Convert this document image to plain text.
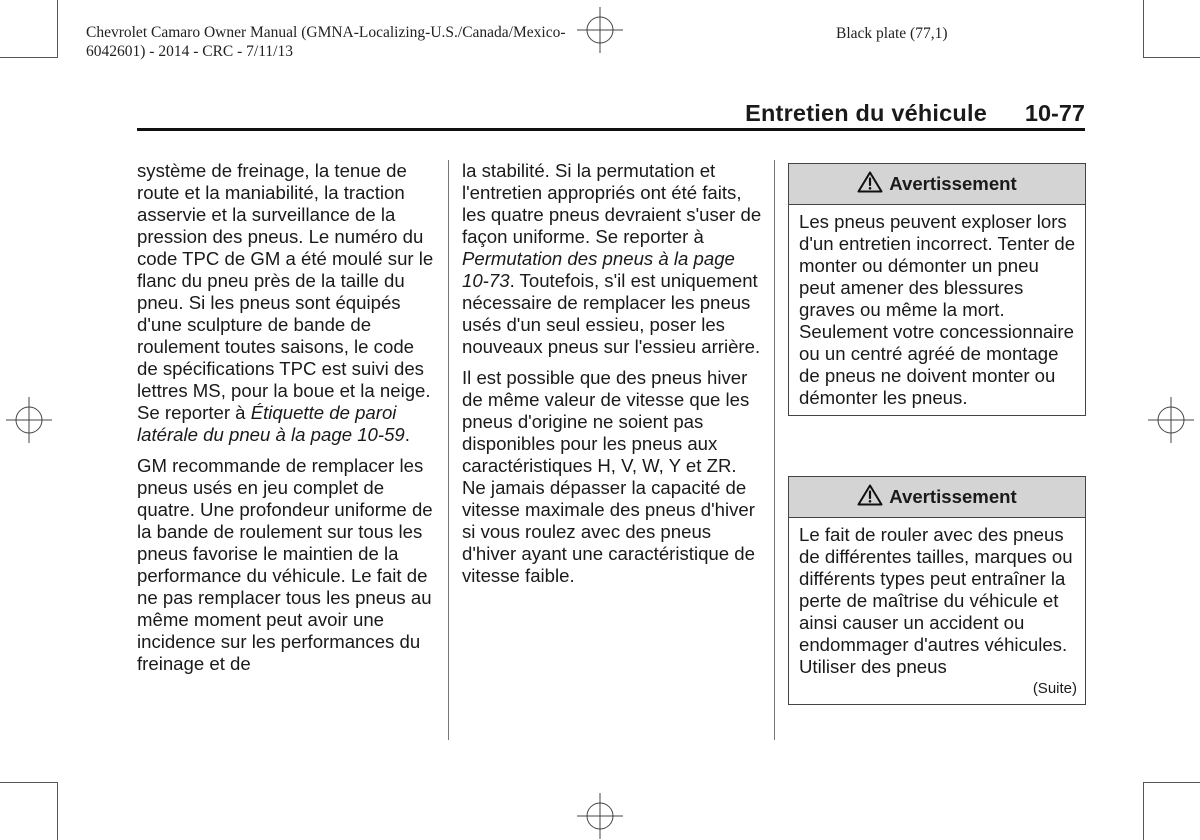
Chevrolet Camaro Owner Manual (GMNA-Localizing-U.S./Canada/Mexico-
6042601) - 2014 - CRC - 7/11/13
Black plate (77,1)
Entretien du véhicule 10-77

système de freinage, la tenue de route et la maniabilité, la traction asservie et la surveillance de la pression des pneus. Le numéro du code TPC de GM a été moulé sur le flanc du pneu près de la taille du pneu. Si les pneus sont équipés d'une sculpture de bande de roulement toutes saisons, le code de spécifications TPC est suivi des lettres MS, pour la boue et la neige. Se reporter à Étiquette de paroi latérale du pneu à la page 10-59.

GM recommande de remplacer les pneus usés en jeu complet de quatre. Une profondeur uniforme de la bande de roulement sur tous les pneus favorise le maintien de la performance du véhicule. Le fait de ne pas remplacer tous les pneus au même moment peut avoir une incidence sur les performances du freinage et de

la stabilité. Si la permutation et l'entretien appropriés ont été faits, les quatre pneus devraient s'user de façon uniforme. Se reporter à Permutation des pneus à la page 10-73. Toutefois, s'il est uniquement nécessaire de remplacer les pneus usés d'un seul essieu, poser les nouveaux pneus sur l'essieu arrière.

Il est possible que des pneus hiver de même valeur de vitesse que les pneus d'origine ne soient pas disponibles pour les pneus aux caractéristiques H, V, W, Y et ZR. Ne jamais dépasser la capacité de vitesse maximale des pneus d'hiver si vous roulez avec des pneus d'hiver ayant une caractéristique de vitesse faible.

Avertissement
Les pneus peuvent exploser lors d'un entretien incorrect. Tenter de monter ou démonter un pneu peut amener des blessures graves ou même la mort. Seulement votre concessionnaire ou un centré agréé de montage de pneus ne doivent monter ou démonter les pneus.
Avertissement
Le fait de rouler avec des pneus de différentes tailles, marques ou différents types peut entraîner la perte de maîtrise du véhicule et ainsi causer un accident ou endommager d'autres véhicules. Utiliser des pneus
(Suite)
